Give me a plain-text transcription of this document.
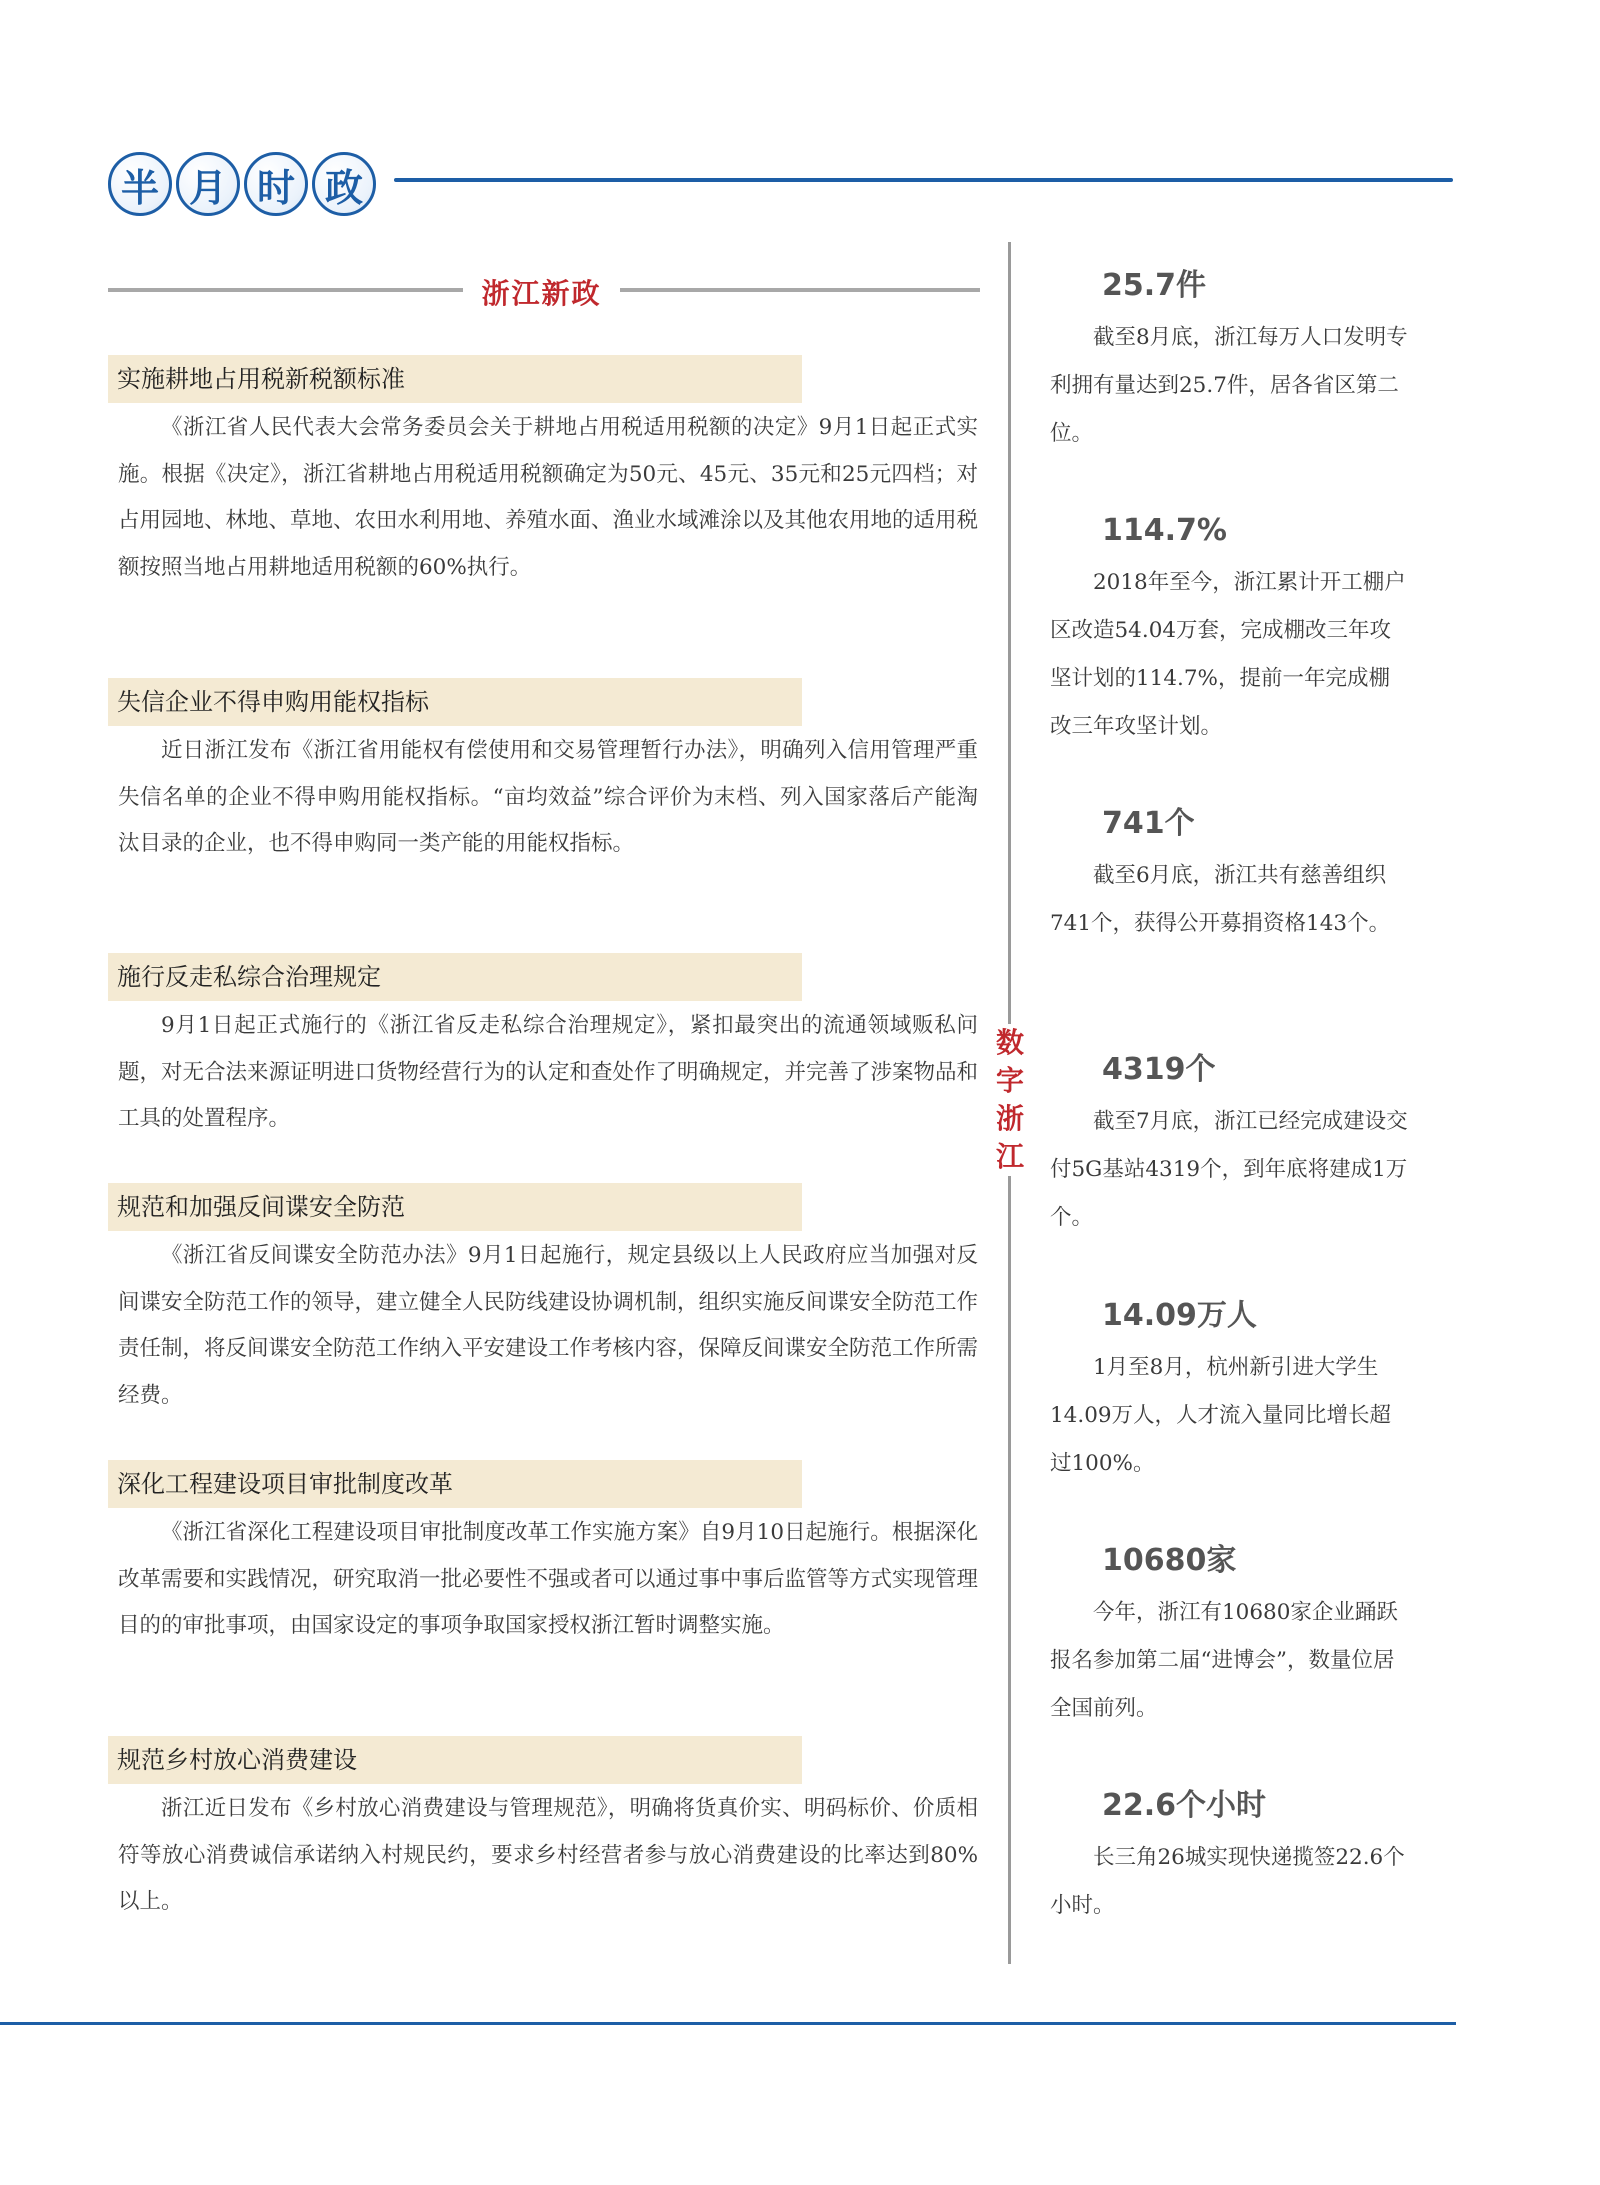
半 月 时 政
浙江新政
实施耕地占用税新税额标准
《浙江省人民代表大会常务委员会关于耕地占用税适用税额的决定》9月1日起正式实施。根据《决定》，浙江省耕地占用税适用税额确定为50元、45元、35元和25元四档；对占用园地、林地、草地、农田水利用地、养殖水面、渔业水域滩涂以及其他农用地的适用税额按照当地占用耕地适用税额的60%执行。
失信企业不得申购用能权指标
近日浙江发布《浙江省用能权有偿使用和交易管理暂行办法》，明确列入信用管理严重失信名单的企业不得申购用能权指标。“亩均效益”综合评价为末档、列入国家落后产能淘汰目录的企业，也不得申购同一类产能的用能权指标。
施行反走私综合治理规定
9月1日起正式施行的《浙江省反走私综合治理规定》，紧扣最突出的流通领域贩私问题，对无合法来源证明进口货物经营行为的认定和查处作了明确规定，并完善了涉案物品和工具的处置程序。
规范和加强反间谍安全防范
《浙江省反间谍安全防范办法》9月1日起施行，规定县级以上人民政府应当加强对反间谍安全防范工作的领导，建立健全人民防线建设协调机制，组织实施反间谍安全防范工作责任制，将反间谍安全防范工作纳入平安建设工作考核内容，保障反间谍安全防范工作所需经费。
深化工程建设项目审批制度改革
《浙江省深化工程建设项目审批制度改革工作实施方案》自9月10日起施行。根据深化改革需要和实践情况，研究取消一批必要性不强或者可以通过事中事后监管等方式实现管理目的的审批事项，由国家设定的事项争取国家授权浙江暂时调整实施。
规范乡村放心消费建设
浙江近日发布《乡村放心消费建设与管理规范》，明确将货真价实、明码标价、价质相符等放心消费诚信承诺纳入村规民约，要求乡村经营者参与放心消费建设的比率达到80%以上。
数
字
浙
江
25.7件
截至8月底，浙江每万人口发明专利拥有量达到25.7件，居各省区第二位。
114.7%
2018年至今，浙江累计开工棚户区改造54.04万套，完成棚改三年攻坚计划的114.7%，提前一年完成棚改三年攻坚计划。
741个
截至6月底，浙江共有慈善组织741个，获得公开募捐资格143个。
4319个
截至7月底，浙江已经完成建设交付5G基站4319个，到年底将建成1万个。
14.09万人
1月至8月，杭州新引进大学生14.09万人，人才流入量同比增长超过100%。
10680家
今年，浙江有10680家企业踊跃报名参加第二届“进博会”，数量位居全国前列。
22.6个小时
长三角26城实现快递揽签22.6个小时。
